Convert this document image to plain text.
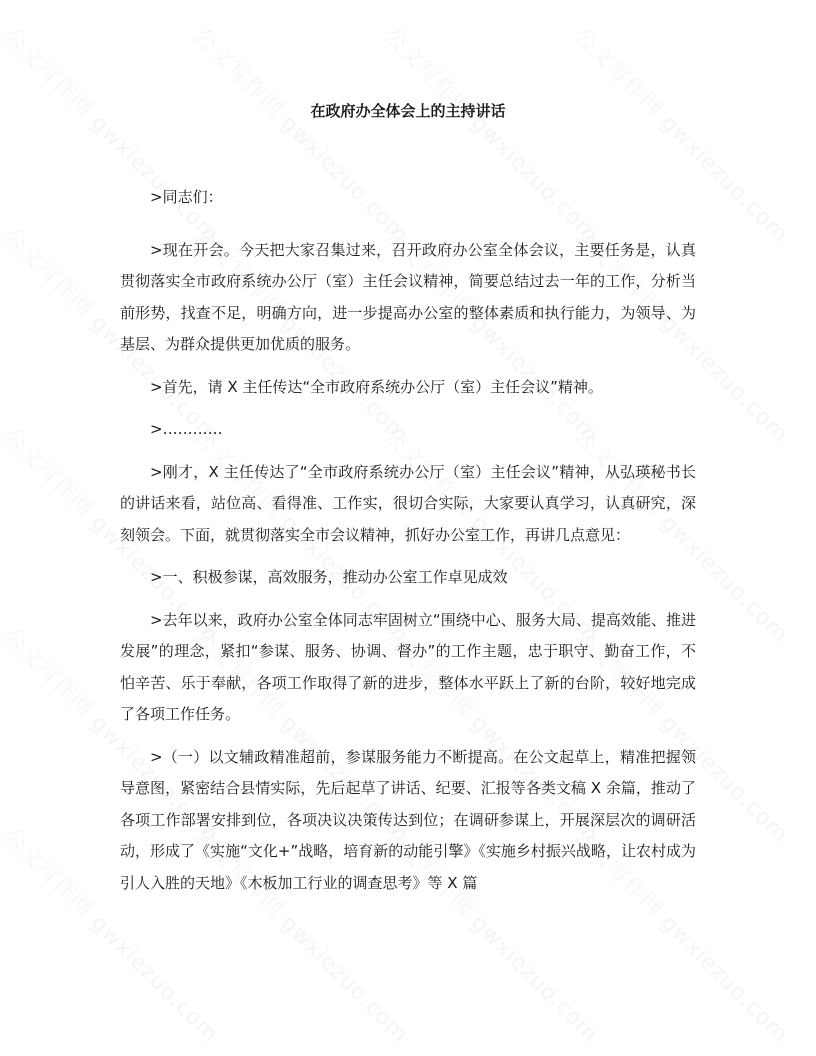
在政府办全体会上的主持讲话

>同志们：

>现在开会。今天把大家召集过来，召开政府办公室全体会议，主要任务是，认真贯彻落实全市政府系统办公厅（室）主任会议精神，简要总结过去一年的工作，分析当前形势，找查不足，明确方向，进一步提高办公室的整体素质和执行能力，为领导、为基层、为群众提供更加优质的服务。

>首先，请 X 主任传达“全市政府系统办公厅（室）主任会议”精神。

>…………

>刚才，X 主任传达了“全市政府系统办公厅（室）主任会议”精神，从弘瑛秘书长的讲话来看，站位高、看得准、工作实，很切合实际，大家要认真学习，认真研究，深刻领会。下面，就贯彻落实全市会议精神，抓好办公室工作，再讲几点意见：

>一、积极参谋，高效服务，推动办公室工作卓见成效

>去年以来，政府办公室全体同志牢固树立“围绕中心、服务大局、提高效能、推进发展”的理念，紧扣“参谋、服务、协调、督办”的工作主题，忠于职守、勤奋工作，不怕辛苦、乐于奉献，各项工作取得了新的进步，整体水平跃上了新的台阶，较好地完成了各项工作任务。

>（一）以文辅政精准超前，参谋服务能力不断提高。在公文起草上，精准把握领导意图，紧密结合县情实际，先后起草了讲话、纪要、汇报等各类文稿 X 余篇，推动了各项工作部署安排到位，各项决议决策传达到位；在调研参谋上，开展深层次的调研活动，形成了《实施“文化+”战略，培育新的动能引擎》《实施乡村振兴战略，让农村成为引人入胜的天地》《木板加工行业的调查思考》等 X 篇
